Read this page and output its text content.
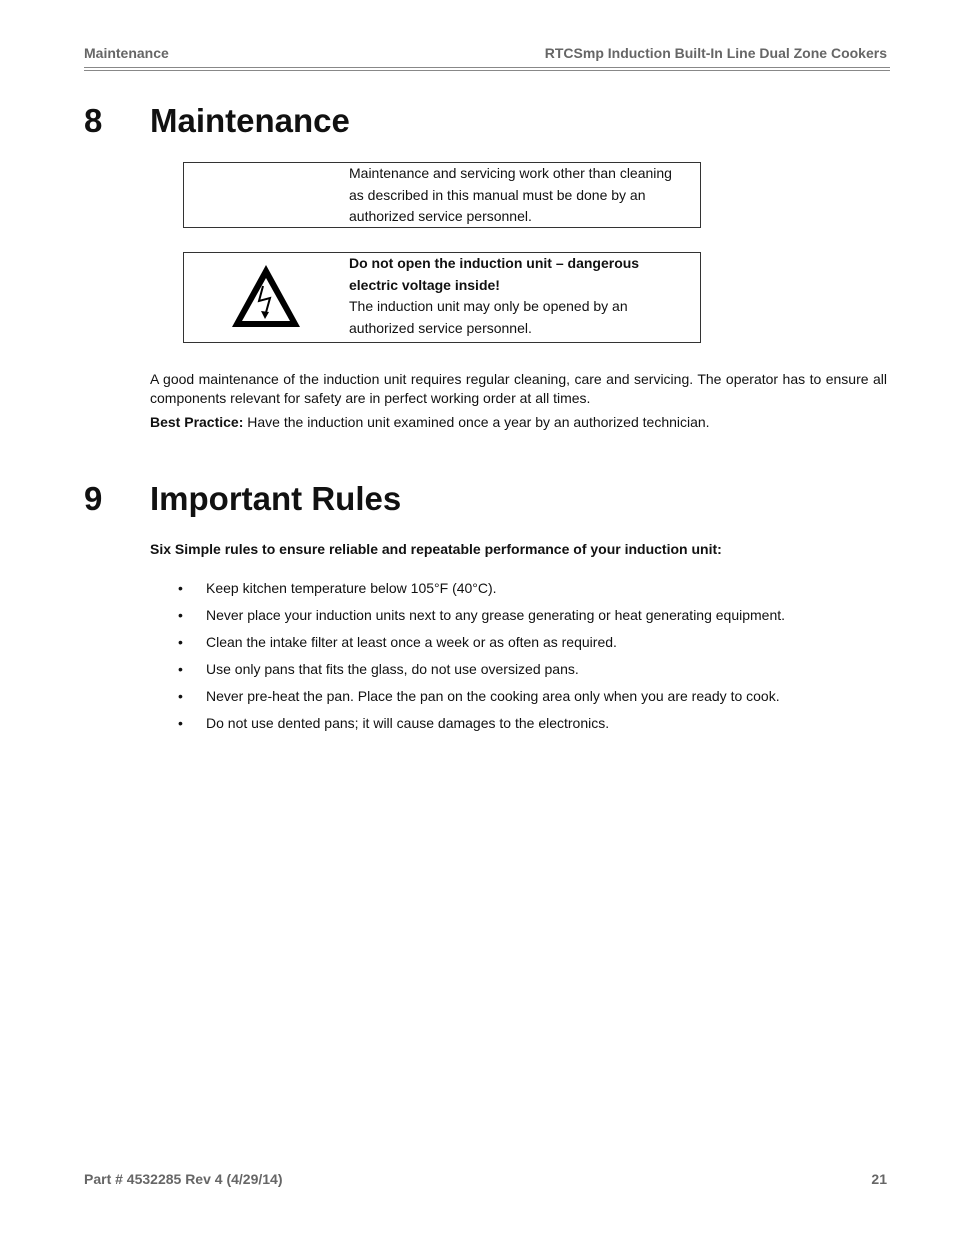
Maintenance	RTCSmp Induction Built-In Line Dual Zone Cookers
8 Maintenance
Maintenance and servicing work other than cleaning
as described in this manual must be done by an
authorized service personnel.
Do not open the induction unit – dangerous
electric voltage inside!
The induction unit may only be opened by an
authorized service personnel.
A good maintenance of the induction unit requires regular cleaning, care and servicing. The operator has to ensure all components relevant for safety are in perfect working order at all times.
Best Practice: Have the induction unit examined once a year by an authorized technician.
9 Important Rules
Six Simple rules to ensure reliable and repeatable performance of your induction unit:
• Keep kitchen temperature below 105°F (40°C).
• Never place your induction units next to any grease generating or heat generating equipment.
• Clean the intake filter at least once a week or as often as required.
• Use only pans that fits the glass, do not use oversized pans.
• Never pre-heat the pan. Place the pan on the cooking area only when you are ready to cook.
• Do not use dented pans; it will cause damages to the electronics.
Part # 4532285 Rev 4 (4/29/14)	21
